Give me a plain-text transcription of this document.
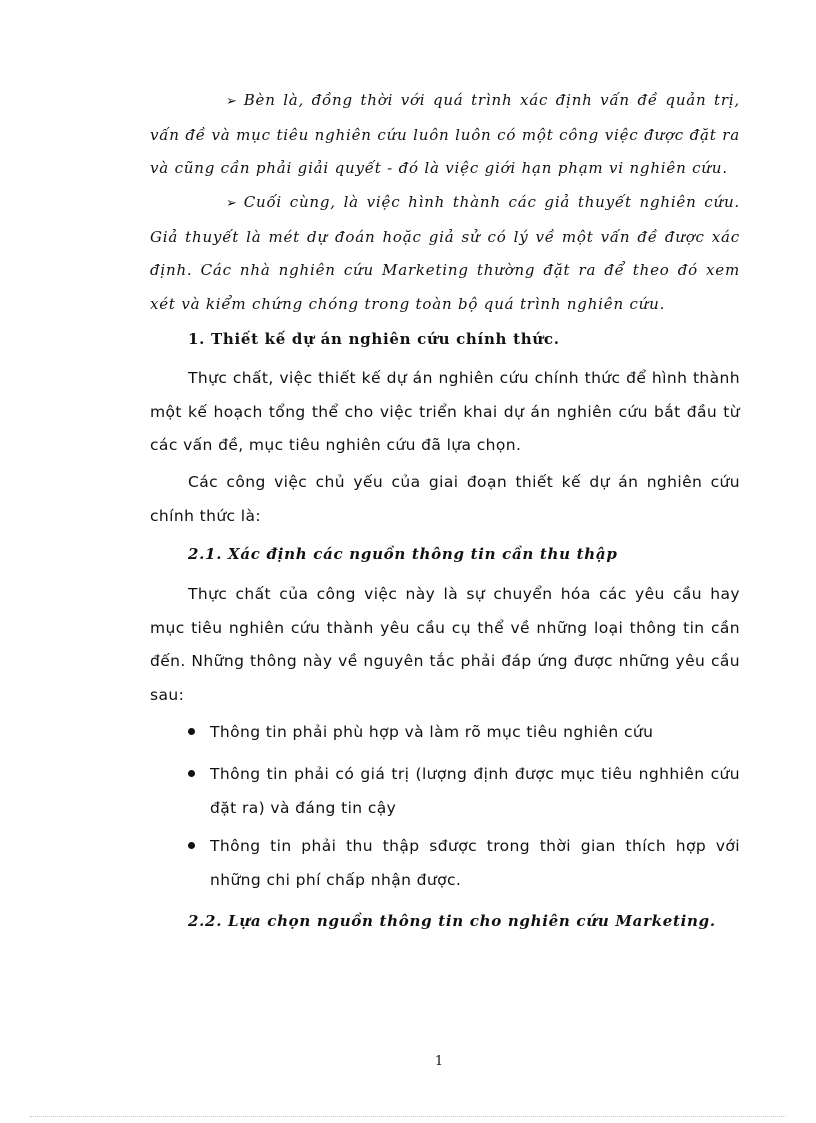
➢ Bèn là, đồng thời với quá trình xác định vấn đề quản trị, vấn đề và mục tiêu nghiên cứu luôn luôn có một công việc được đặt ra và cũng cần phải giải quyết - đó là việc giới hạn phạm vi nghiên cứu.

➢ Cuối cùng, là việc hình thành các giả thuyết nghiên cứu. Giả thuyết là mét dự đoán hoặc giả sử có lý về một vấn đề được xác định. Các nhà nghiên cứu Marketing thường đặt ra để theo đó xem xét và kiểm chứng chóng trong toàn bộ quá trình nghiên cứu.

1. Thiết kế dự án nghiên cứu chính thức.

Thực chất, việc thiết kế dự án nghiên cứu chính thức để hình thành một kế hoạch tổng thể cho việc triển khai dự án nghiên cứu bắt đầu từ các vấn đề, mục tiêu nghiên cứu đã lựa chọn.

Các công việc chủ yếu của giai đoạn thiết kế dự án nghiên cứu chính thức là:

2.1. Xác định các nguồn thông tin cần thu thập

Thực chất của công việc này là sự chuyển hóa các yêu cầu hay mục tiêu nghiên cứu thành yêu cầu cụ thể về những loại thông tin cần đến. Những thông này về nguyên tắc phải đáp ứng được những yêu cầu sau:

Thông tin phải phù hợp và làm rõ mục tiêu nghiên cứu
Thông tin phải có giá trị (lượng định được mục tiêu nghhiên cứu đặt ra) và đáng tin cậy
Thông tin phải thu thập sđược trong thời gian thích hợp với những chi phí chấp nhận được.
2.2. Lựa chọn nguồn thông tin cho nghiên cứu Marketing.
1
